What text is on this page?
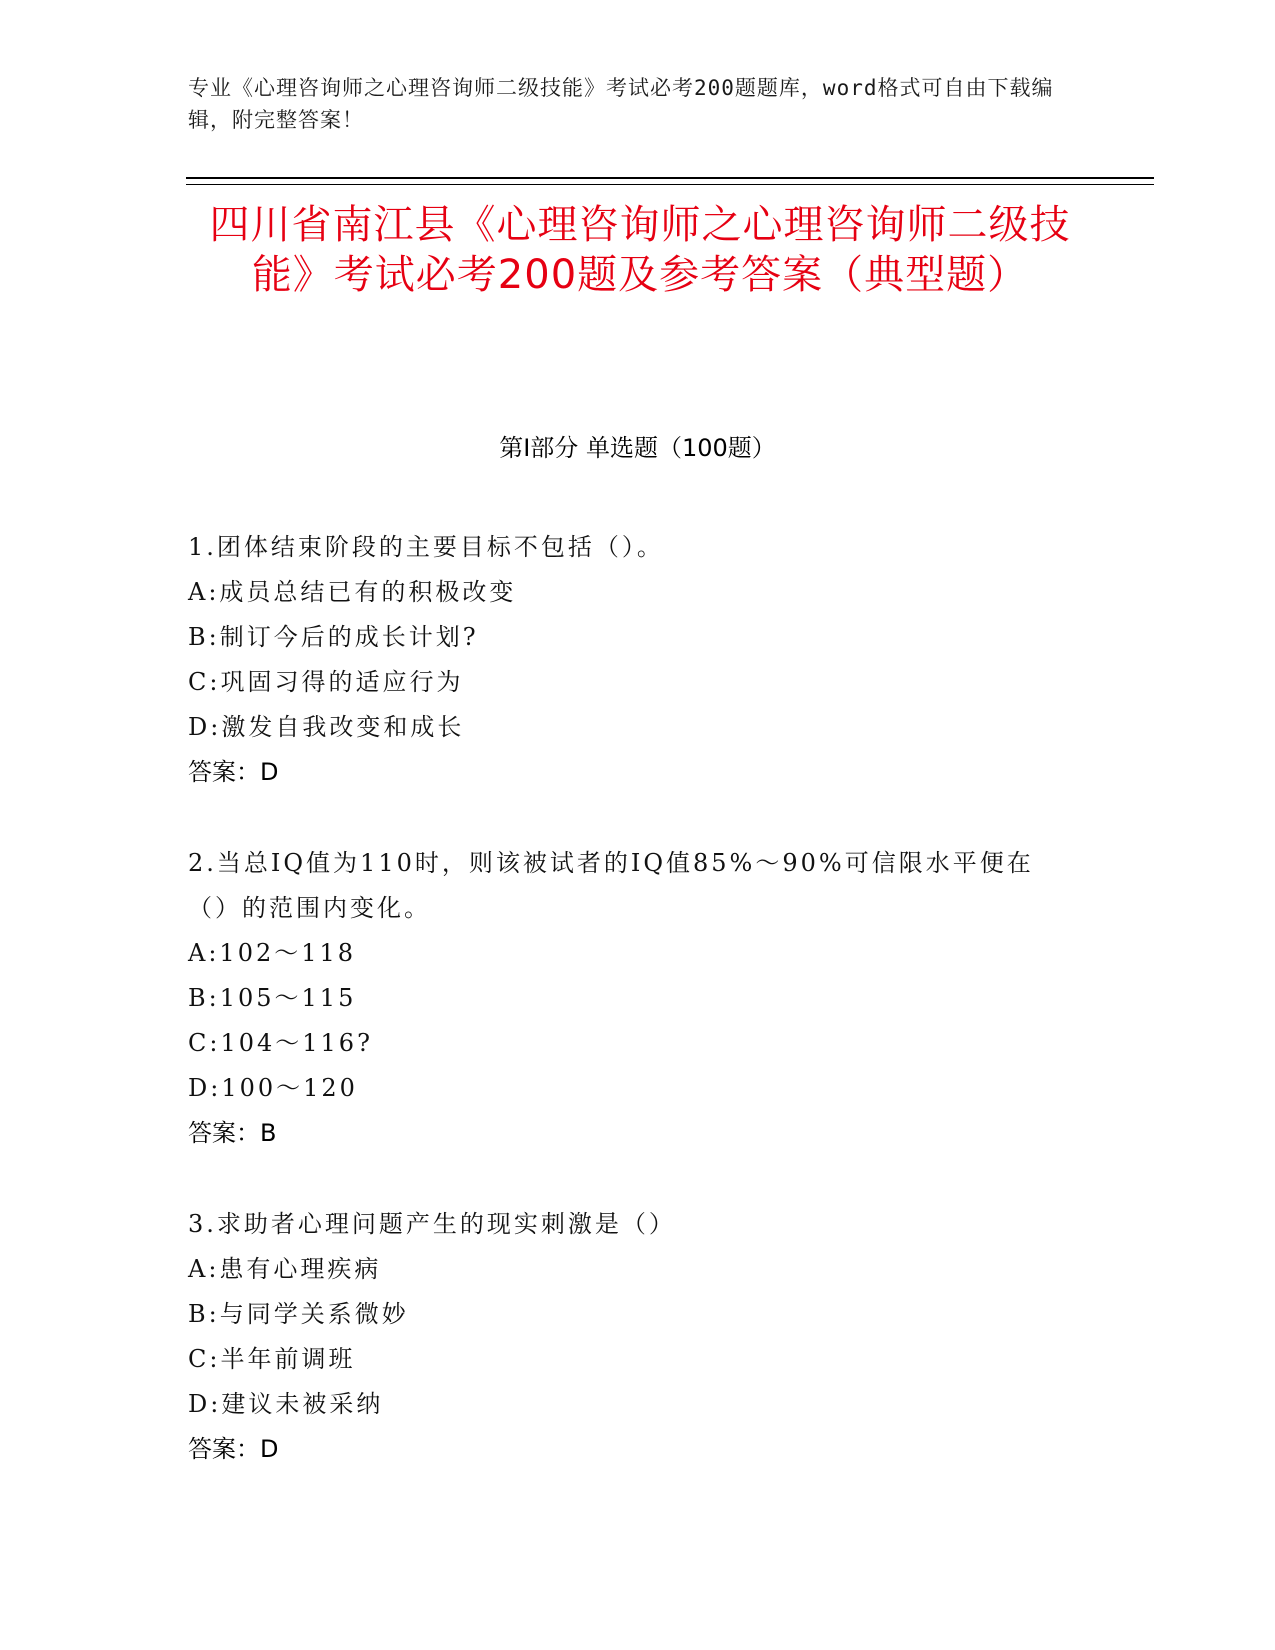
专业《心理咨询师之心理咨询师二级技能》考试必考200题题库，word格式可自由下载编辑，附完整答案！
四川省南江县《心理咨询师之心理咨询师二级技能》考试必考200题及参考答案（典型题）
第I部分 单选题（100题）
1.团体结束阶段的主要目标不包括（）。
A:成员总结已有的积极改变
B:制订今后的成长计划?
C:巩固习得的适应行为
D:激发自我改变和成长
答案：D
2.当总IQ值为110时，则该被试者的IQ值85%～90%可信限水平便在（）的范围内变化。
A:102～118
B:105～115
C:104～116?
D:100～120
答案：B
3.求助者心理问题产生的现实刺激是（）
A:患有心理疾病
B:与同学关系微妙
C:半年前调班
D:建议未被采纳
答案：D
